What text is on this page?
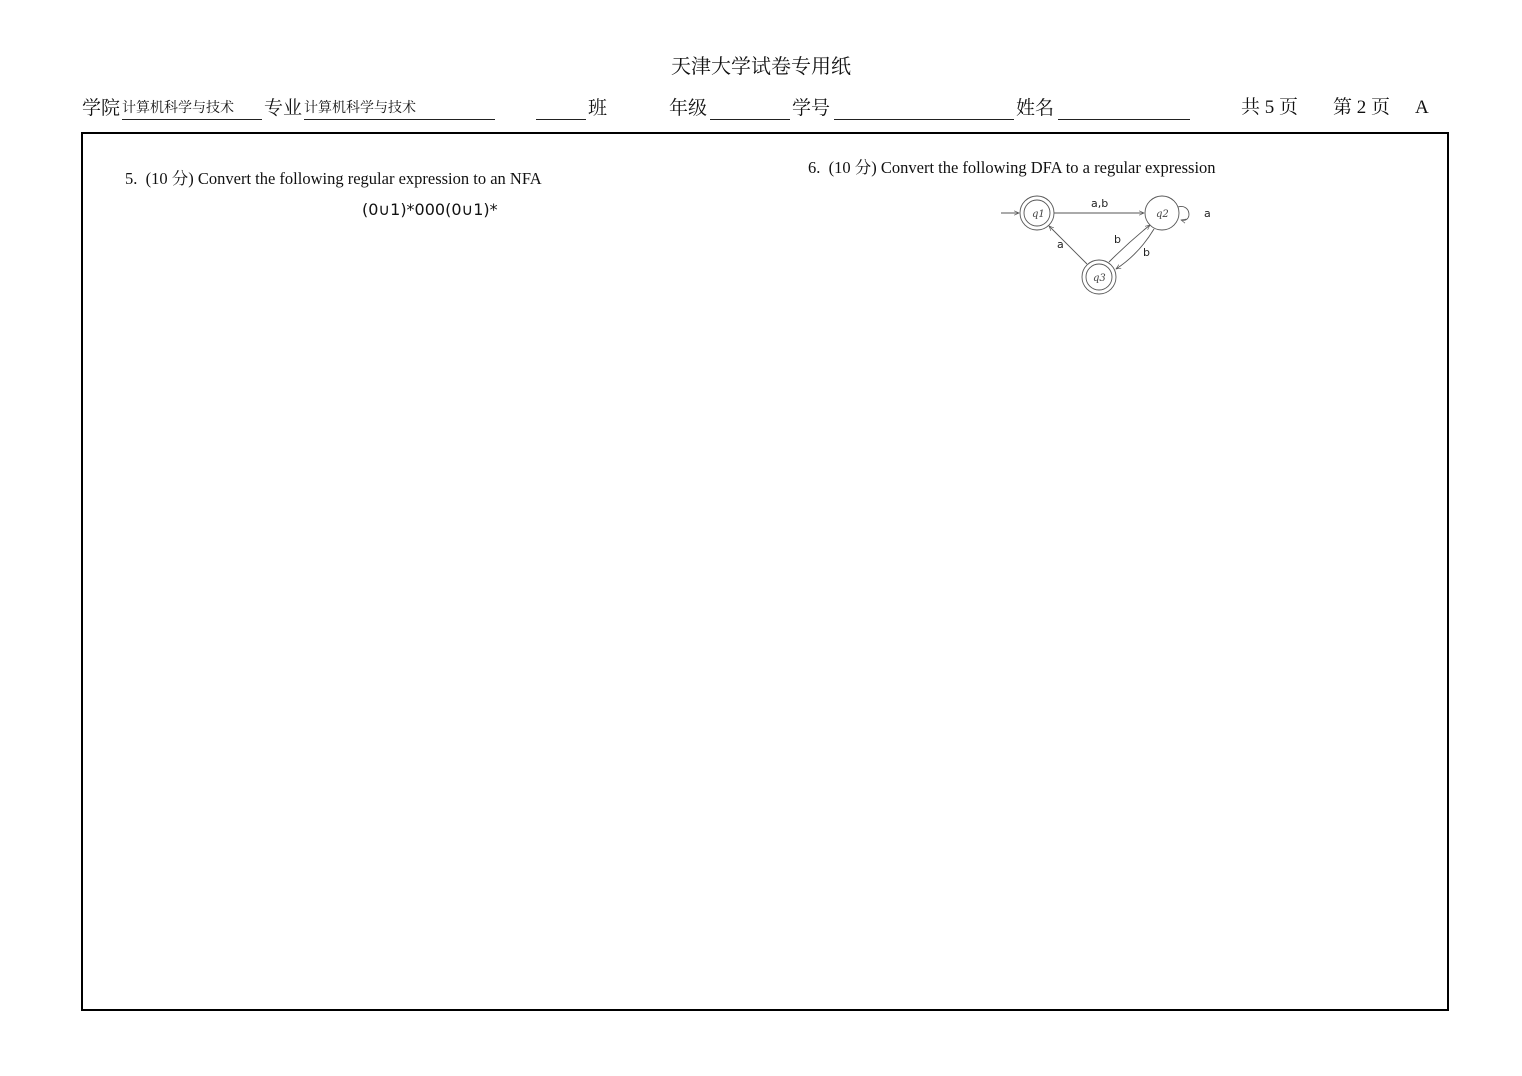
天津大学试卷专用纸
学院 计算机科学与技术	专业 计算机科学与技术	班	年级	学号	姓名	共 5 页 第 2 页 A
5. (10 分) Convert the following regular expression to an NFA
(0∪1)*000(0∪1)*
6. (10 分) Convert the following DFA to a regular expression
q1	q2
q3
a,b
a
b
b
a
